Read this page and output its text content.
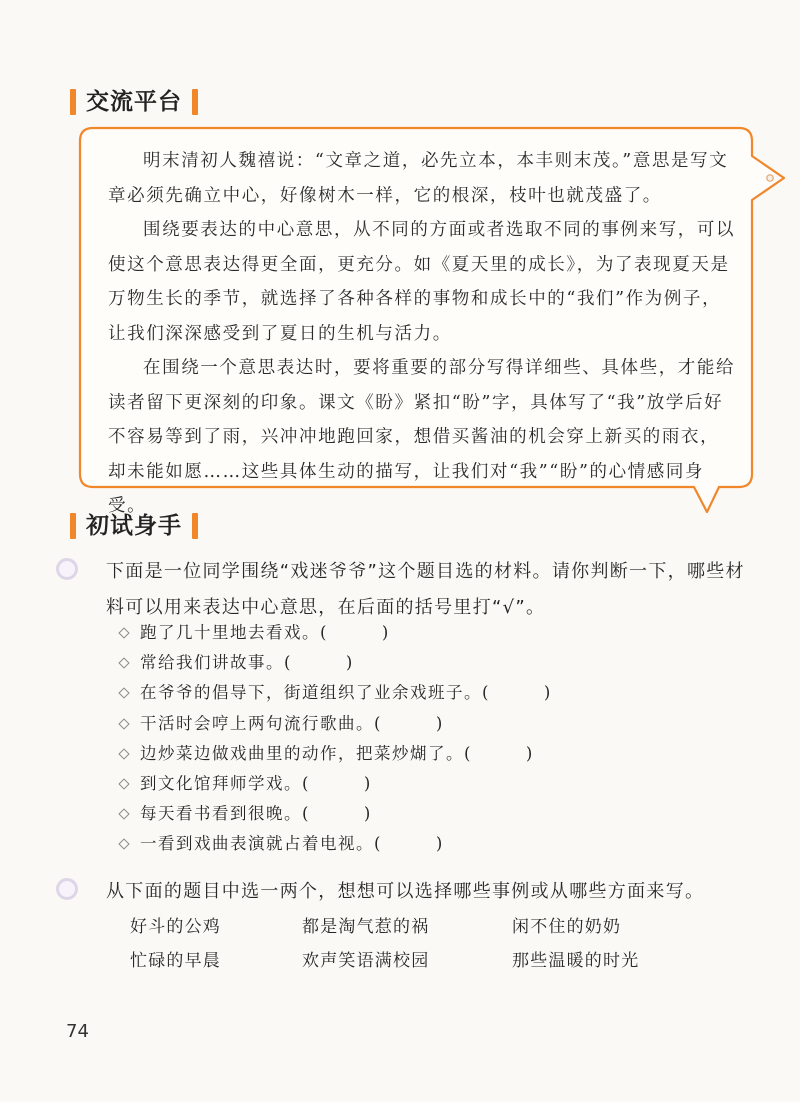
交流平台

明末清初人魏禧说：“文章之道，必先立本，本丰则末茂。”意思是写文章必须先确立中心，好像树木一样，它的根深，枝叶也就茂盛了。

围绕要表达的中心意思，从不同的方面或者选取不同的事例来写，可以使这个意思表达得更全面，更充分。如《夏天里的成长》，为了表现夏天是万物生长的季节，就选择了各种各样的事物和成长中的“我们”作为例子，让我们深深感受到了夏日的生机与活力。

在围绕一个意思表达时，要将重要的部分写得详细些、具体些，才能给读者留下更深刻的印象。课文《盼》紧扣“盼”字，具体写了“我”放学后好不容易等到了雨，兴冲冲地跑回家，想借买酱油的机会穿上新买的雨衣，却未能如愿……这些具体生动的描写，让我们对“我”“盼”的心情感同身受。

初试身手
下面是一位同学围绕“戏迷爷爷”这个题目选的材料。请你判断一下，哪些材料可以用来表达中心意思，在后面的括号里打“√”。
跑了几十里地去看戏。 (　　　)
常给我们讲故事。 (　　　)
在爷爷的倡导下，街道组织了业余戏班子。 (　　　)
干活时会哼上两句流行歌曲。 (　　　)
边炒菜边做戏曲里的动作，把菜炒煳了。 (　　　)
到文化馆拜师学戏。 (　　　)
每天看书看到很晚。 (　　　)
一看到戏曲表演就占着电视。 (　　　)
从下面的题目中选一两个，想想可以选择哪些事例或从哪些方面来写。
好斗的公鸡	都是淘气惹的祸	闲不住的奶奶
忙碌的早晨	欢声笑语满校园	那些温暖的时光
74
